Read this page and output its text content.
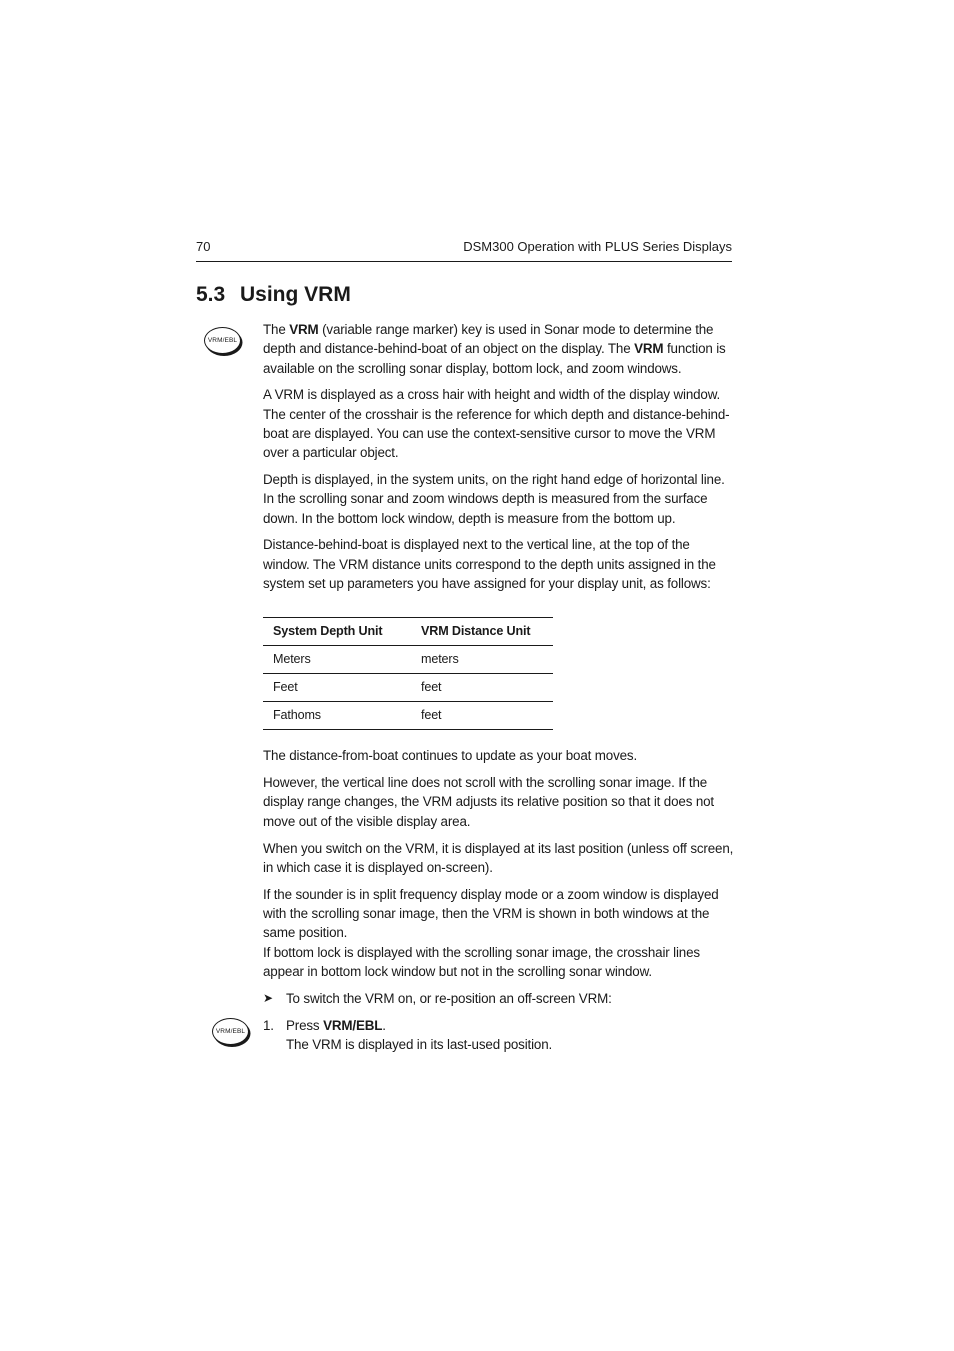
70	DSM300 Operation with PLUS Series Displays
5.3 Using VRM
VRM/EBL
VRM/EBL

The VRM (variable range marker) key is used in Sonar mode to determine the depth and distance-behind-boat of an object on the display. The VRM function is available on the scrolling sonar display, bottom lock, and zoom windows.

A VRM is displayed as a cross hair with height and width of the display window. The center of the crosshair is the reference for which depth and distance-behind-boat are displayed. You can use the context-sensitive cursor to move the VRM over a particular object.

Depth is displayed, in the system units, on the right hand edge of horizontal line. In the scrolling sonar and zoom windows depth is measured from the surface down. In the bottom lock window, depth is measure from the bottom up.

Distance-behind-boat is displayed next to the vertical line, at the top of the window. The VRM distance units correspond to the depth units assigned in the system set up parameters you have assigned for your display unit, as follows:

System Depth Unit	VRM Distance Unit
Meters	meters
Feet	feet
Fathoms	feet

The distance-from-boat continues to update as your boat moves.

However, the vertical line does not scroll with the scrolling sonar image. If the display range changes, the VRM adjusts its relative position so that it does not move out of the visible display area.

When you switch on the VRM, it is displayed at its last position (unless off screen, in which case it is displayed on-screen).

If the sounder is in split frequency display mode or a zoom window is displayed with the scrolling sonar image, then the VRM is shown in both windows at the same position.

If bottom lock is displayed with the scrolling sonar image, the crosshair lines appear in bottom lock window but not in the scrolling sonar window.

➤ To switch the VRM on, or re-position an off-screen VRM:
1. Press VRM/EBL.
The VRM is displayed in its last-used position.
